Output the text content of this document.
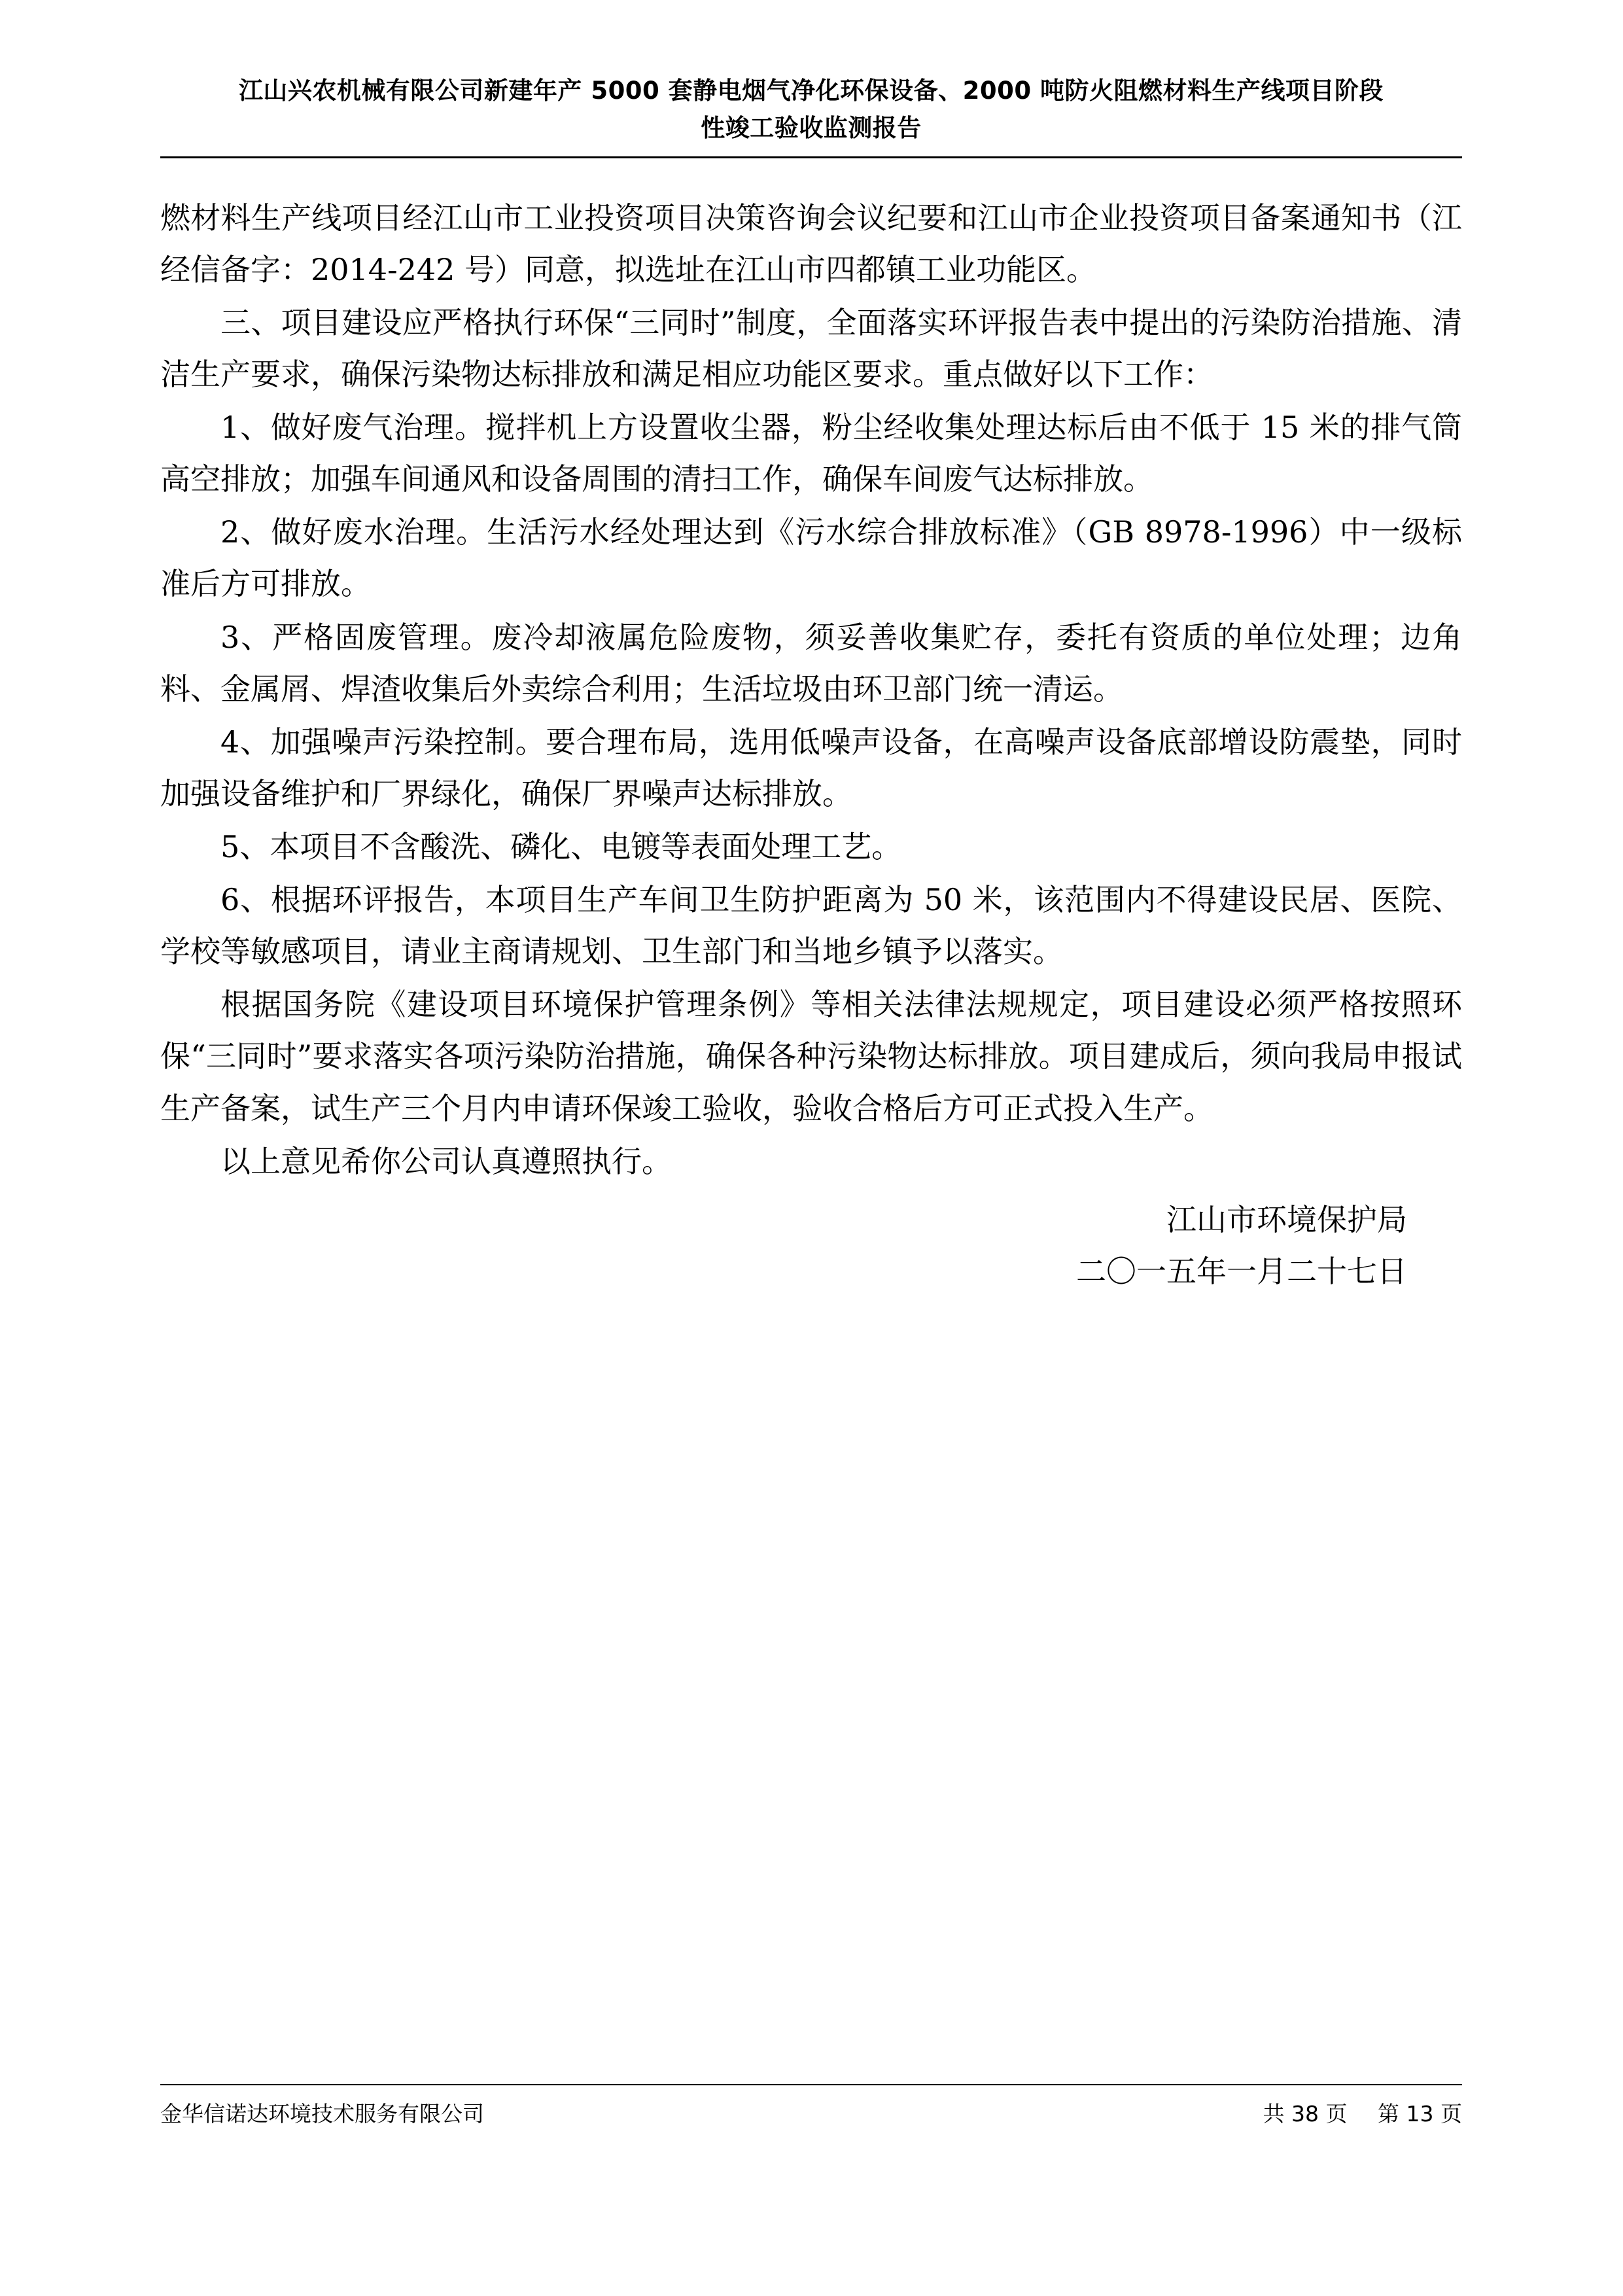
江山兴农机械有限公司新建年产 5000 套静电烟气净化环保设备、2000 吨防火阻燃材料生产线项目阶段
性竣工验收监测报告

燃材料生产线项目经江山市工业投资项目决策咨询会议纪要和江山市企业投资项目备案通知书（江经信备字：2014-242 号）同意，拟选址在江山市四都镇工业功能区。

三、项目建设应严格执行环保“三同时”制度，全面落实环评报告表中提出的污染防治措施、清洁生产要求，确保污染物达标排放和满足相应功能区要求。重点做好以下工作：

1、做好废气治理。搅拌机上方设置收尘器，粉尘经收集处理达标后由不低于 15 米的排气筒高空排放；加强车间通风和设备周围的清扫工作，确保车间废气达标排放。

2、做好废水治理。生活污水经处理达到《污水综合排放标准》（GB 8978-1996）中一级标准后方可排放。

3、严格固废管理。废冷却液属危险废物，须妥善收集贮存，委托有资质的单位处理；边角料、金属屑、焊渣收集后外卖综合利用；生活垃圾由环卫部门统一清运。

4、加强噪声污染控制。要合理布局，选用低噪声设备，在高噪声设备底部增设防震垫，同时加强设备维护和厂界绿化，确保厂界噪声达标排放。

5、本项目不含酸洗、磷化、电镀等表面处理工艺。

6、根据环评报告，本项目生产车间卫生防护距离为 50 米，该范围内不得建设民居、医院、学校等敏感项目，请业主商请规划、卫生部门和当地乡镇予以落实。

根据国务院《建设项目环境保护管理条例》等相关法律法规规定，项目建设必须严格按照环保“三同时”要求落实各项污染防治措施，确保各种污染物达标排放。项目建成后，须向我局申报试生产备案，试生产三个月内申请环保竣工验收，验收合格后方可正式投入生产。

以上意见希你公司认真遵照执行。

江山市环境保护局
二〇一五年一月二十七日
金华信诺达环境技术服务有限公司	共 38 页 第 13 页
